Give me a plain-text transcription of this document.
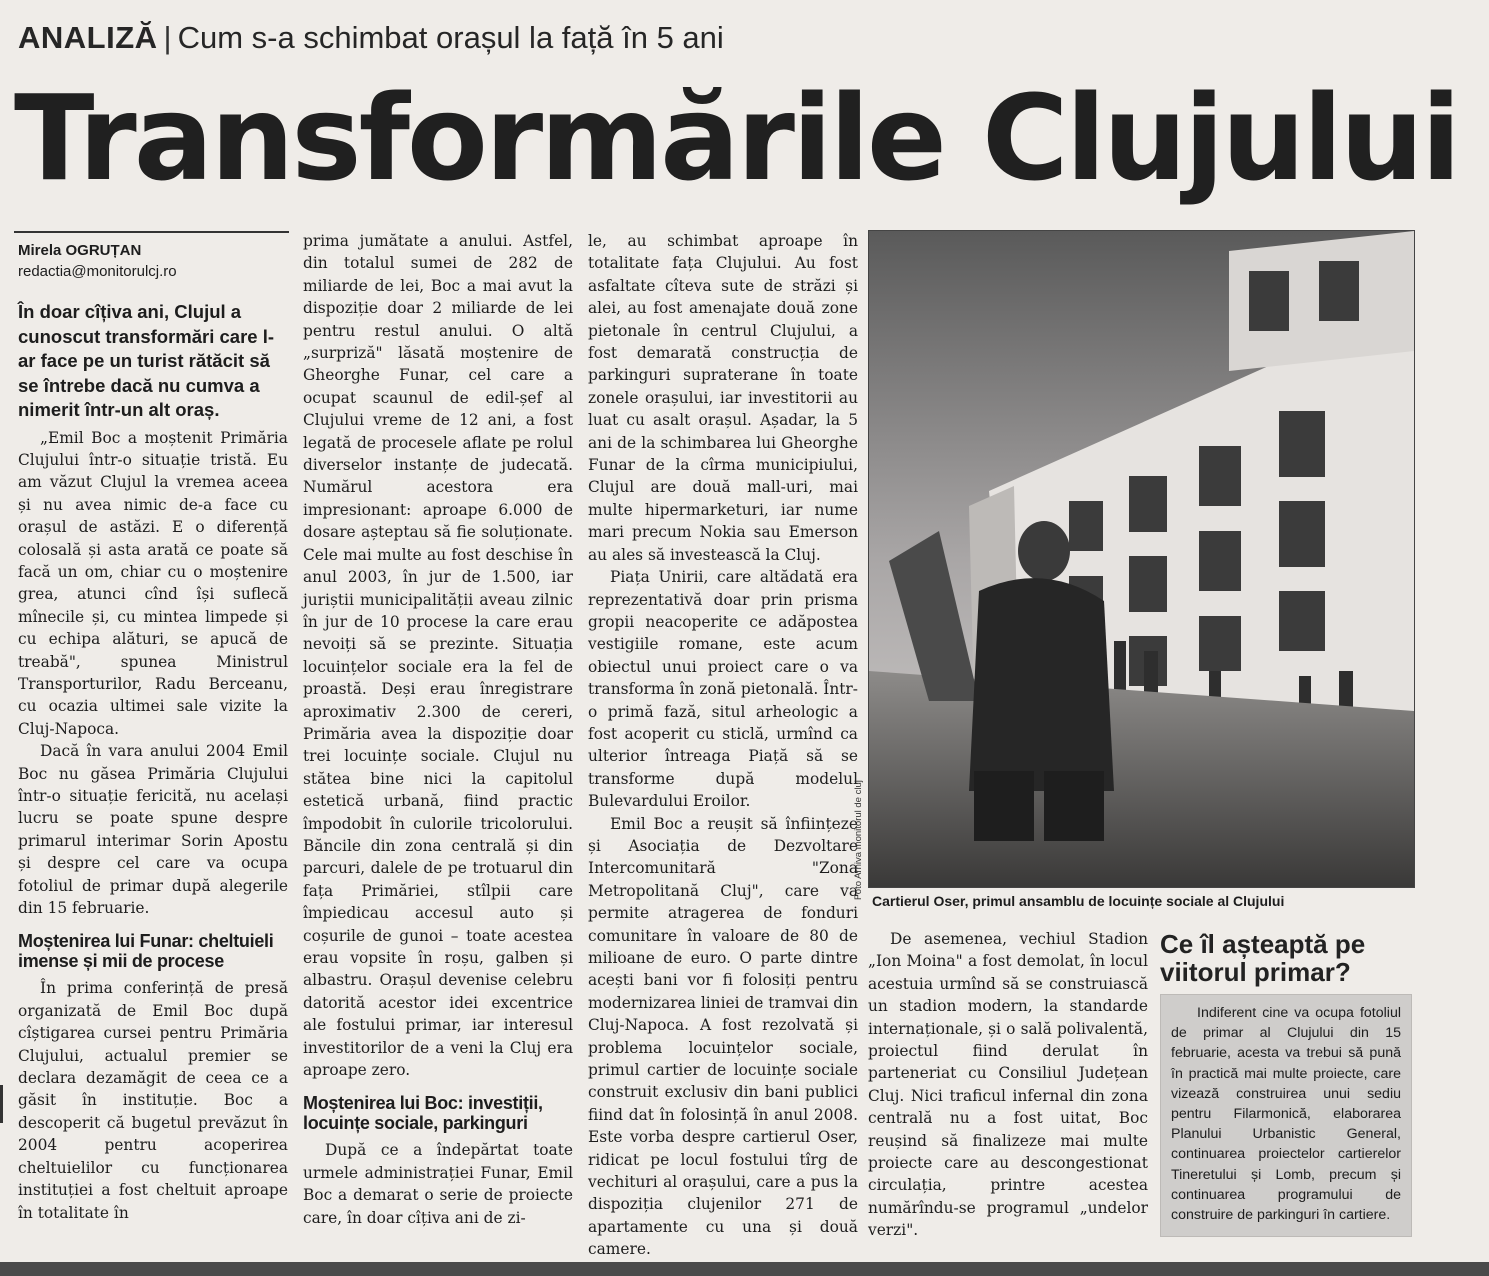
ANALIZĂ | Cum s-a schimbat orașul la față în 5 ani
Transformările Clujului
Mirela OGRUȚAN
redactia@monitorulcj.ro

În doar cîțiva ani, Clujul a cunoscut transformări care l-ar face pe un turist rătăcit să se întrebe dacă nu cumva a nimerit într-un alt oraș.

„Emil Boc a moștenit Primăria Clujului într-o situație tristă. Eu am văzut Clujul la vremea aceea și nu avea nimic de-a face cu orașul de astăzi. E o diferență colosală și asta arată ce poate să facă un om, chiar cu o moștenire grea, atunci cînd își suflecă mînecile și, cu mintea limpede și cu echipa alături, se apucă de treabă", spunea Ministrul Transporturilor, Radu Berceanu, cu ocazia ultimei sale vizite la Cluj-Napoca.

Dacă în vara anului 2004 Emil Boc nu găsea Primăria Clujului într-o situație fericită, nu același lucru se poate spune despre primarul interimar Sorin Apostu și despre cel care va ocupa fotoliul de primar după alegerile din 15 februarie.

Moștenirea lui Funar: cheltuieli imense și mii de procese

În prima conferință de presă organizată de Emil Boc după cîștigarea cursei pentru Primăria Clujului, actualul premier se declara dezamăgit de ceea ce a găsit în instituție. Boc a descoperit că bugetul prevăzut în 2004 pentru acoperirea cheltuielilor cu funcționarea instituției a fost cheltuit aproape în totalitate în

prima jumătate a anului. Astfel, din totalul sumei de 282 de miliarde de lei, Boc a mai avut la dispoziție doar 2 miliarde de lei pentru restul anului. O altă „surpriză" lăsată moștenire de Gheorghe Funar, cel care a ocupat scaunul de edil-șef al Clujului vreme de 12 ani, a fost legată de procesele aflate pe rolul diverselor instanțe de judecată. Numărul acestora era impresionant: aproape 6.000 de dosare așteptau să fie soluționate. Cele mai multe au fost deschise în anul 2003, în jur de 1.500, iar juriștii municipalității aveau zilnic în jur de 10 procese la care erau nevoiți să se prezinte. Situația locuințelor sociale era la fel de proastă. Deși erau înregistrare aproximativ 2.300 de cereri, Primăria avea la dispoziție doar trei locuințe sociale. Clujul nu stătea bine nici la capitolul estetică urbană, fiind practic împodobit în culorile tricolorului. Băncile din zona centrală și din parcuri, dalele de pe trotuarul din fața Primăriei, stîlpii care împiedicau accesul auto și coșurile de gunoi – toate acestea erau vopsite în roșu, galben și albastru. Orașul devenise celebru datorită acestor idei excentrice ale fostului primar, iar interesul investitorilor de a veni la Cluj era aproape zero.

Moștenirea lui Boc: investiții, locuințe sociale, parkinguri

După ce a îndepărtat toate urmele administrației Funar, Emil Boc a demarat o serie de proiecte care, în doar cîțiva ani de zi-

le, au schimbat aproape în totalitate fața Clujului. Au fost asfaltate cîteva sute de străzi și alei, au fost amenajate două zone pietonale în centrul Clujului, a fost demarată construcția de parkinguri supraterane în toate zonele orașului, iar investitorii au luat cu asalt orașul. Așadar, la 5 ani de la schimbarea lui Gheorghe Funar de la cîrma municipiului, Clujul are două mall-uri, mai multe hipermarketuri, iar nume mari precum Nokia sau Emerson au ales să investească la Cluj.

Piața Unirii, care altădată era reprezentativă doar prin prisma gropii neacoperite ce adăpostea vestigiile romane, este acum obiectul unui proiect care o va transforma în zonă pietonală. Într-o primă fază, situl arheologic a fost acoperit cu sticlă, urmînd ca ulterior întreaga Piață să se transforme după modelul Bulevardului Eroilor.

Emil Boc a reușit să înființeze și Asociația de Dezvoltare Intercomunitară "Zona Metropolitană Cluj", care va permite atragerea de fonduri comunitare în valoare de 80 de milioane de euro. O parte dintre acești bani vor fi folosiți pentru modernizarea liniei de tramvai din Cluj-Napoca. A fost rezolvată și problema locuințelor sociale, primul cartier de locuințe sociale construit exclusiv din bani publici fiind dat în folosință în anul 2008. Este vorba despre cartierul Oser, ridicat pe locul fostului tîrg de vechituri al orașului, care a pus la dispoziția clujenilor 271 de apartamente cu una și două camere.

Foto Arhiva monitorul de cluj
Cartierul Oser, primul ansamblu de locuințe sociale al Clujului

De asemenea, vechiul Stadion „Ion Moina" a fost demolat, în locul acestuia urmînd să se construiască un stadion modern, la standarde internaționale, și o sală polivalentă, proiectul fiind derulat în parteneriat cu Consiliul Județean Cluj. Nici traficul infernal din zona centrală nu a fost uitat, Boc reușind să finalizeze mai multe proiecte care au descongestionat circulația, printre acestea numărîndu-se programul „undelor verzi".

Ce îl așteaptă pe viitorul primar?
Indiferent cine va ocupa fotoliul de primar al Clujului din 15 februarie, acesta va trebui să pună în practică mai multe proiecte, care vizează construirea unui sediu pentru Filarmonică, elaborarea Planului Urbanistic General, continuarea proiectelor cartierelor Tineretului și Lomb, precum și continuarea programului de construire de parkinguri în cartiere.
